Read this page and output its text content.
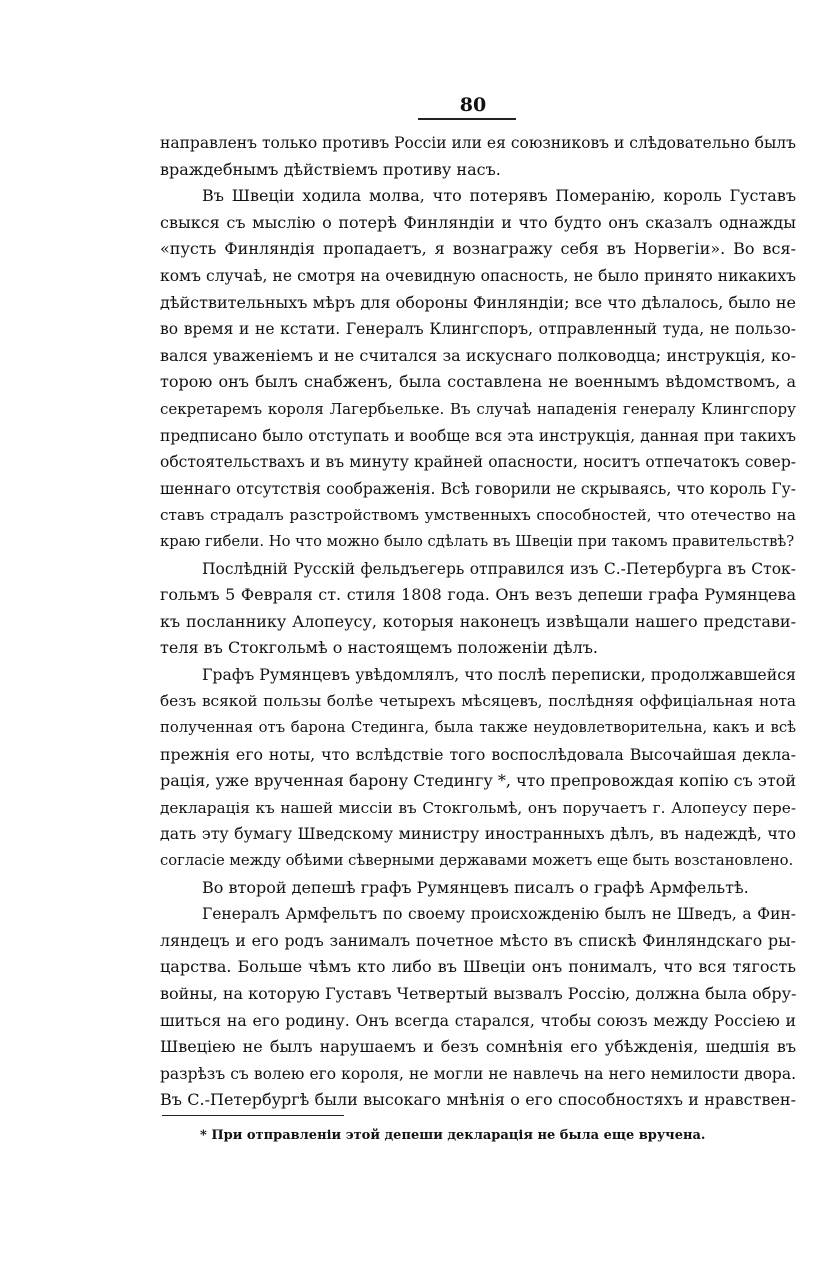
80
направленъ только противъ Россіи или ея союзниковъ и слѣдовательно былъ
враждебнымъ дѣйствіемъ противу насъ.
Въ Швеціи ходила молва, что потерявъ Померанію, король Густавъ
свыкся съ мыслію о потерѣ Финляндіи и что будто онъ сказалъ однажды
«пусть Финляндія пропадаетъ, я вознагражу себя въ Норвегіи». Во вся-
комъ случаѣ, не смотря на очевидную опасность, не было принято никакихъ
дѣйствительныхъ мѣръ для обороны Финляндіи; все что дѣлалось, было не
во время и не кстати. Генералъ Клингспоръ, отправленный туда, не пользо-
вался уваженіемъ и не считался за искуснаго полководца; инструкція, ко-
торою онъ былъ снабженъ, была составлена не военнымъ вѣдомствомъ, а
секретаремъ короля Лагербьельке. Въ случаѣ нападенія генералу Клингспору
предписано было отступать и вообще вся эта инструкція, данная при такихъ
обстоятельствахъ и въ минуту крайней опасности, носитъ отпечатокъ совер-
шеннаго отсутствія соображенія. Всѣ говорили не скрываясь, что король Гу-
ставъ страдалъ разстройствомъ умственныхъ способностей, что отечество на
краю гибели. Но что можно было сдѣлать въ Швеціи при такомъ правительствѣ?
Послѣдній Русскій фельдъегерь отправился изъ С.-Петербурга въ Сток-
гольмъ 5 Февраля ст. стиля 1808 года. Онъ везъ депеши графа Румянцева
къ посланнику Алопеусу, которыя наконецъ извѣщали нашего представи-
теля въ Стокгольмѣ о настоящемъ положеніи дѣлъ.
Графъ Румянцевъ увѣдомлялъ, что послѣ переписки, продолжавшейся
безъ всякой пользы болѣе четырехъ мѣсяцевъ, послѣдняя оффиціальная нота
полученная отъ барона Стединга, была также неудовлетворительна, какъ и всѣ
прежнія его ноты, что вслѣдствіе того воспослѣдовала Высочайшая декла-
рація, уже врученная барону Стедингу *, что препровождая копію съ этой
декларація къ нашей миссіи въ Стокгольмѣ, онъ поручаетъ г. Алопеусу пере-
дать эту бумагу Шведскому министру иностранныхъ дѣлъ, въ надеждѣ, что
согласіе между обѣими сѣверными державами можетъ еще быть возстановлено.
Во второй депешѣ графъ Румянцевъ писалъ о графѣ Армфельтѣ.
Генералъ Армфельтъ по своему происхожденію былъ не Шведъ, а Фин-
ляндецъ и его родъ занималъ почетное мѣсто въ спискѣ Финляндскаго ры-
царства. Больше чѣмъ кто либо въ Швеціи онъ понималъ, что вся тягость
войны, на которую Густавъ Четвертый вызвалъ Россію, должна была обру-
шиться на его родину. Онъ всегда старался, чтобы союзъ между Россіею и
Швеціею не былъ нарушаемъ и безъ сомнѣнія его убѣжденія, шедшія въ
разрѣзъ съ волею его короля, не могли не навлечь на него немилости двора.
Въ С.-Петербургѣ были высокаго мнѣнія о его способностяхъ и нравствен-
* При отправленіи этой депеши декларація не была еще вручена.
